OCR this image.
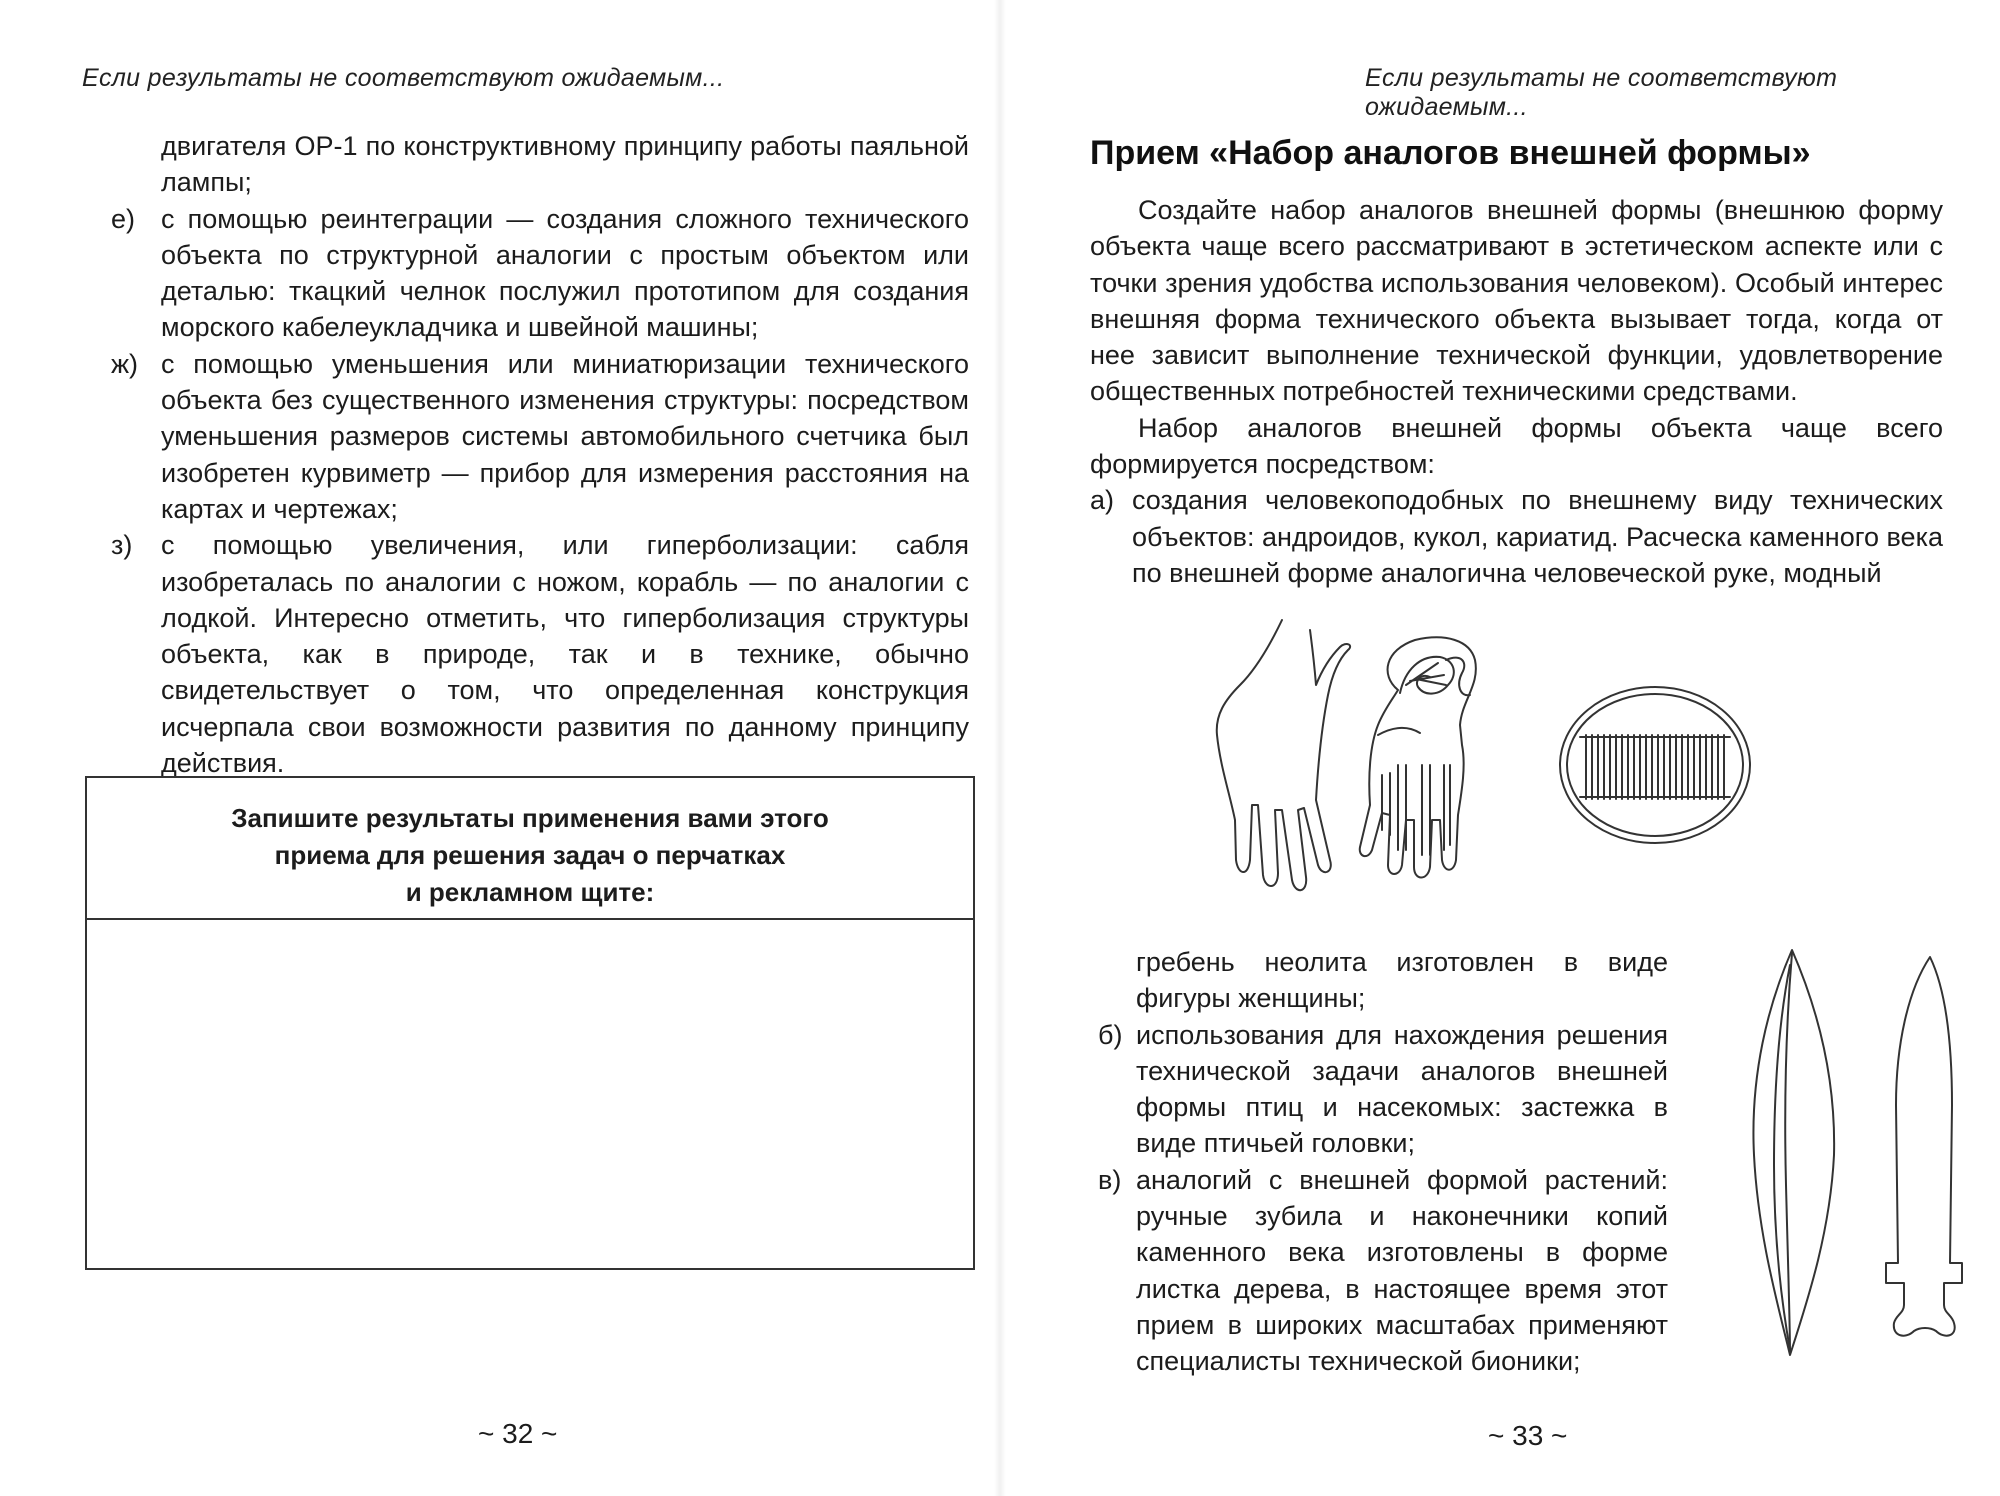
Если результаты не соответствуют ожидаемым...
двигателя ОР-1 по конструктивному принципу работы паяльной лампы;
е) с помощью реинтеграции — создания сложного технического объекта по структурной аналогии с простым объектом или деталью: ткацкий челнок послужил прототипом для создания морского кабелеукладчика и швейной машины;
ж) с помощью уменьшения или миниатюризации технического объекта без существенного изменения структуры: посредством уменьшения размеров системы автомобильного счетчика был изобретен курвиметр — прибор для измерения расстояния на картах и чертежах;
з) с помощью увеличения, или гиперболизации: сабля изобреталась по аналогии с ножом, корабль — по аналогии с лодкой. Интересно отметить, что гиперболизация структуры объекта, как в природе, так и в технике, обычно свидетельствует о том, что определенная конструкция исчерпала свои возможности развития по данному принципу действия.
Запишите результаты применения вами этого
приема для решения задач о перчатках
и рекламном щите:
~ 32 ~
Если результаты не соответствуют ожидаемым...
Прием «Набор аналогов внешней формы»

Создайте набор аналогов внешней формы (внешнюю форму объекта чаще всего рассматривают в эстетическом аспекте или с точки зрения удобства использования человеком). Особый интерес внешняя форма технического объекта вызывает тогда, когда от нее зависит выполнение технической функции, удовлетворение общественных потребностей техническими средствами.

Набор аналогов внешней формы объекта чаще всего формируется посредством:

а) создания человекоподобных по внешнему виду технических объектов: андроидов, кукол, кариатид. Расческа каменного века по внешней форме аналогична человеческой руке, модный
гребень неолита изготовлен в виде фигуры женщины;
б) использования для нахождения решения технической задачи аналогов внешней формы птиц и насекомых: застежка в виде птичьей головки;
в) аналогий с внешней формой растений: ручные зубила и наконечники копий каменного века изготовлены в форме листка дерева, в настоящее время этот прием в широких масштабах применяют специалисты технической бионики;
~ 33 ~
